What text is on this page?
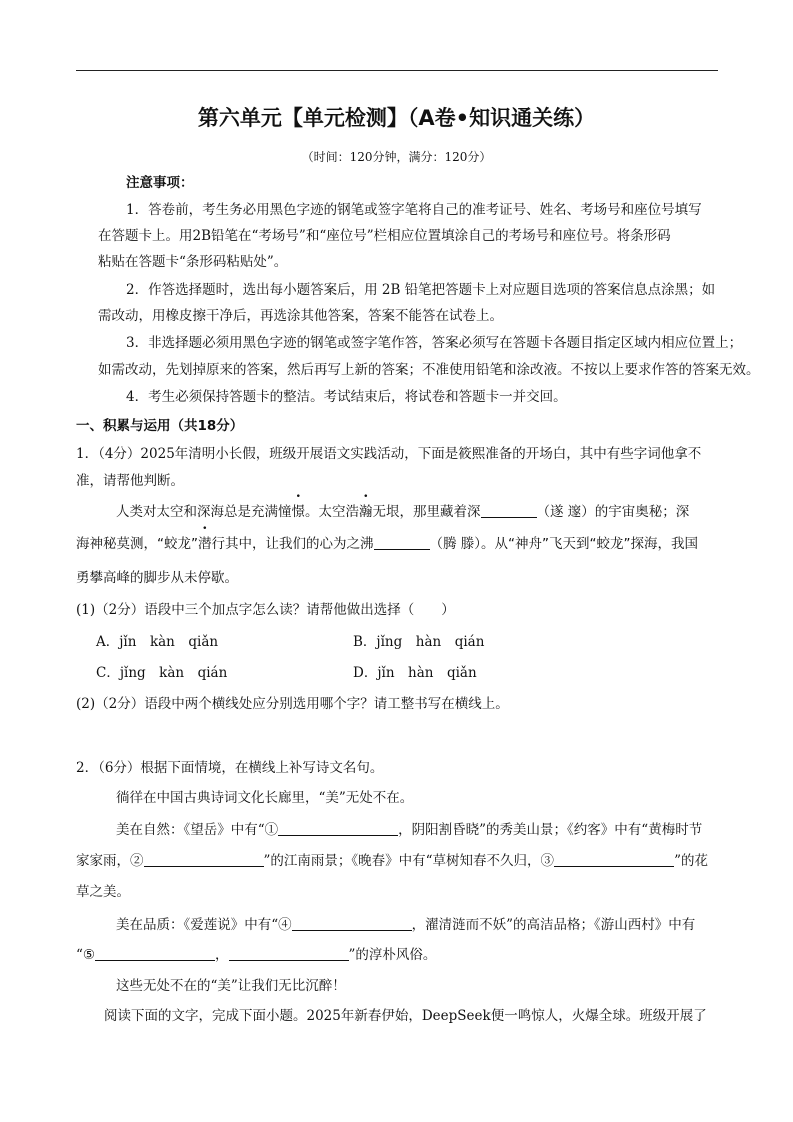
第六单元【单元检测】（A卷•知识通关练）
（时间：120分钟，满分：120分）
注意事项：
1．答卷前，考生务必用黑色字迹的钢笔或签字笔将自己的准考证号、姓名、考场号和座位号填写
在答题卡上。用2B铅笔在“考场号”和“座位号”栏相应位置填涂自己的考场号和座位号。将条形码
粘贴在答题卡“条形码粘贴处”。
2．作答选择题时，选出每小题答案后，用 2B 铅笔把答题卡上对应题目选项的答案信息点涂黑；如
需改动，用橡皮擦干净后，再选涂其他答案，答案不能答在试卷上。
3．非选择题必须用黑色字迹的钢笔或签字笔作答，答案必须写在答题卡各题目指定区域内相应位置上；
如需改动，先划掉原来的答案，然后再写上新的答案；不准使用铅笔和涂改液。不按以上要求作答的答案无效。
4．考生必须保持答题卡的整洁。考试结束后，将试卷和答题卡一并交回。
一、积累与运用（共18分）
1．（4分）2025年清明小长假，班级开展语文实践活动，下面是筱熙准备的开场白，其中有些字词他拿不
准，请帮他判断。
人类对太空和深海总是充满憧憬。太空浩瀚无垠，那里藏着深	（遂 邃）的宇宙奥秘；深
海神秘莫测，“蛟龙”潜行其中，让我们的心为之沸	（腾 滕）。从“神舟”飞天到“蛟龙”探海，我国
勇攀高峰的脚步从未停歇。
(1)（2分）语段中三个加点字怎么读？请帮他做出选择（　　）
A．jǐn　kàn　qiǎn	B．jǐng　hàn　qián
C．jǐng　kàn　qián	D．jǐn　hàn　qiǎn
(2)（2分）语段中两个横线处应分别选用哪个字？请工整书写在横线上。
2．（6分）根据下面情境，在横线上补写诗文名句。
徜徉在中国古典诗词文化长廊里，“美”无处不在。
美在自然：《望岳》中有“①	，阴阳割昏晓”的秀美山景；《约客》中有“黄梅时节
家家雨，②	”的江南雨景；《晚春》中有“草树知春不久归，③	”的花
草之美。
美在品质：《爱莲说》中有“④	，濯清涟而不妖”的高洁品格；《游山西村》中有
“⑤	，	”的淳朴风俗。
这些无处不在的“美”让我们无比沉醉！
阅读下面的文字，完成下面小题。2025年新春伊始，DeepSeek便一鸣惊人，火爆全球。班级开展了
